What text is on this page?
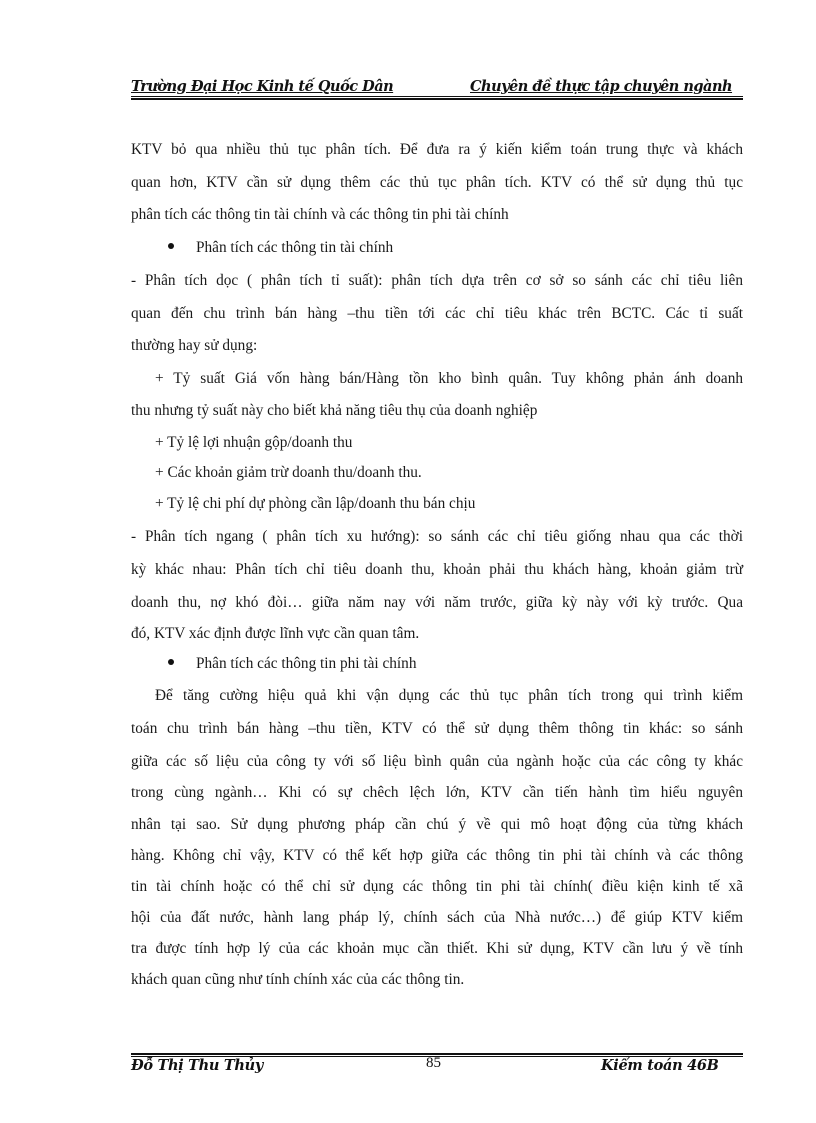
Trường Đại Học Kinh tế Quốc Dân	Chuyên đề thực tập chuyên ngành
KTV bỏ qua nhiều thủ tục phân tích. Để đưa ra ý kiến kiểm toán trung thực và khách
quan hơn, KTV cần sử dụng thêm các thủ tục phân tích. KTV có thể sử dụng thủ tục
phân tích các thông tin tài chính và các thông tin phi tài chính
Phân tích các thông tin tài chính
- Phân tích dọc ( phân tích tỉ suất): phân tích dựa trên cơ sở so sánh các chỉ tiêu liên
quan đến chu trình bán hàng –thu tiền tới các chỉ tiêu khác trên BCTC. Các tỉ suất
thường hay sử dụng:
+ Tỷ suất Giá vốn hàng bán/Hàng tồn kho bình quân. Tuy không phản ánh doanh
thu nhưng tỷ suất này cho biết khả năng tiêu thụ của doanh nghiệp
+ Tỷ lệ lợi nhuận gộp/doanh thu
+ Các khoản giảm trừ doanh thu/doanh thu.
+ Tỷ lệ chi phí dự phòng cần lập/doanh thu bán chịu
- Phân tích ngang ( phân tích xu hướng): so sánh các chỉ tiêu giống nhau qua các thời
kỳ khác nhau: Phân tích chỉ tiêu doanh thu, khoản phải thu khách hàng, khoản giảm trừ
doanh thu, nợ khó đòi… giữa năm nay với năm trước, giữa kỳ này với kỳ trước. Qua
đó, KTV xác định được lĩnh vực cần quan tâm.
Phân tích các thông tin phi tài chính
Để tăng cường hiệu quả khi vận dụng các thủ tục phân tích trong qui trình kiểm
toán chu trình bán hàng –thu tiền, KTV có thể sử dụng thêm thông tin khác: so sánh
giữa các số liệu của công ty với số liệu bình quân của ngành hoặc của các công ty khác
trong cùng ngành… Khi có sự chêch lệch lớn, KTV cần tiến hành tìm hiểu nguyên
nhân tại sao. Sử dụng phương pháp cần chú ý về qui mô hoạt động của từng khách
hàng. Không chỉ vậy, KTV có thể kết hợp giữa các thông tin phi tài chính và các thông
tin tài chính hoặc có thể chỉ sử dụng các thông tin phi tài chính( điều kiện kinh tế xã
hội của đất nước, hành lang pháp lý, chính sách của Nhà nước…) để giúp KTV kiểm
tra được tính hợp lý của các khoản mục cần thiết. Khi sử dụng, KTV cần lưu ý về tính
khách quan cũng như tính chính xác của các thông tin.
Đỗ Thị Thu Thủy	85	Kiểm toán 46B
